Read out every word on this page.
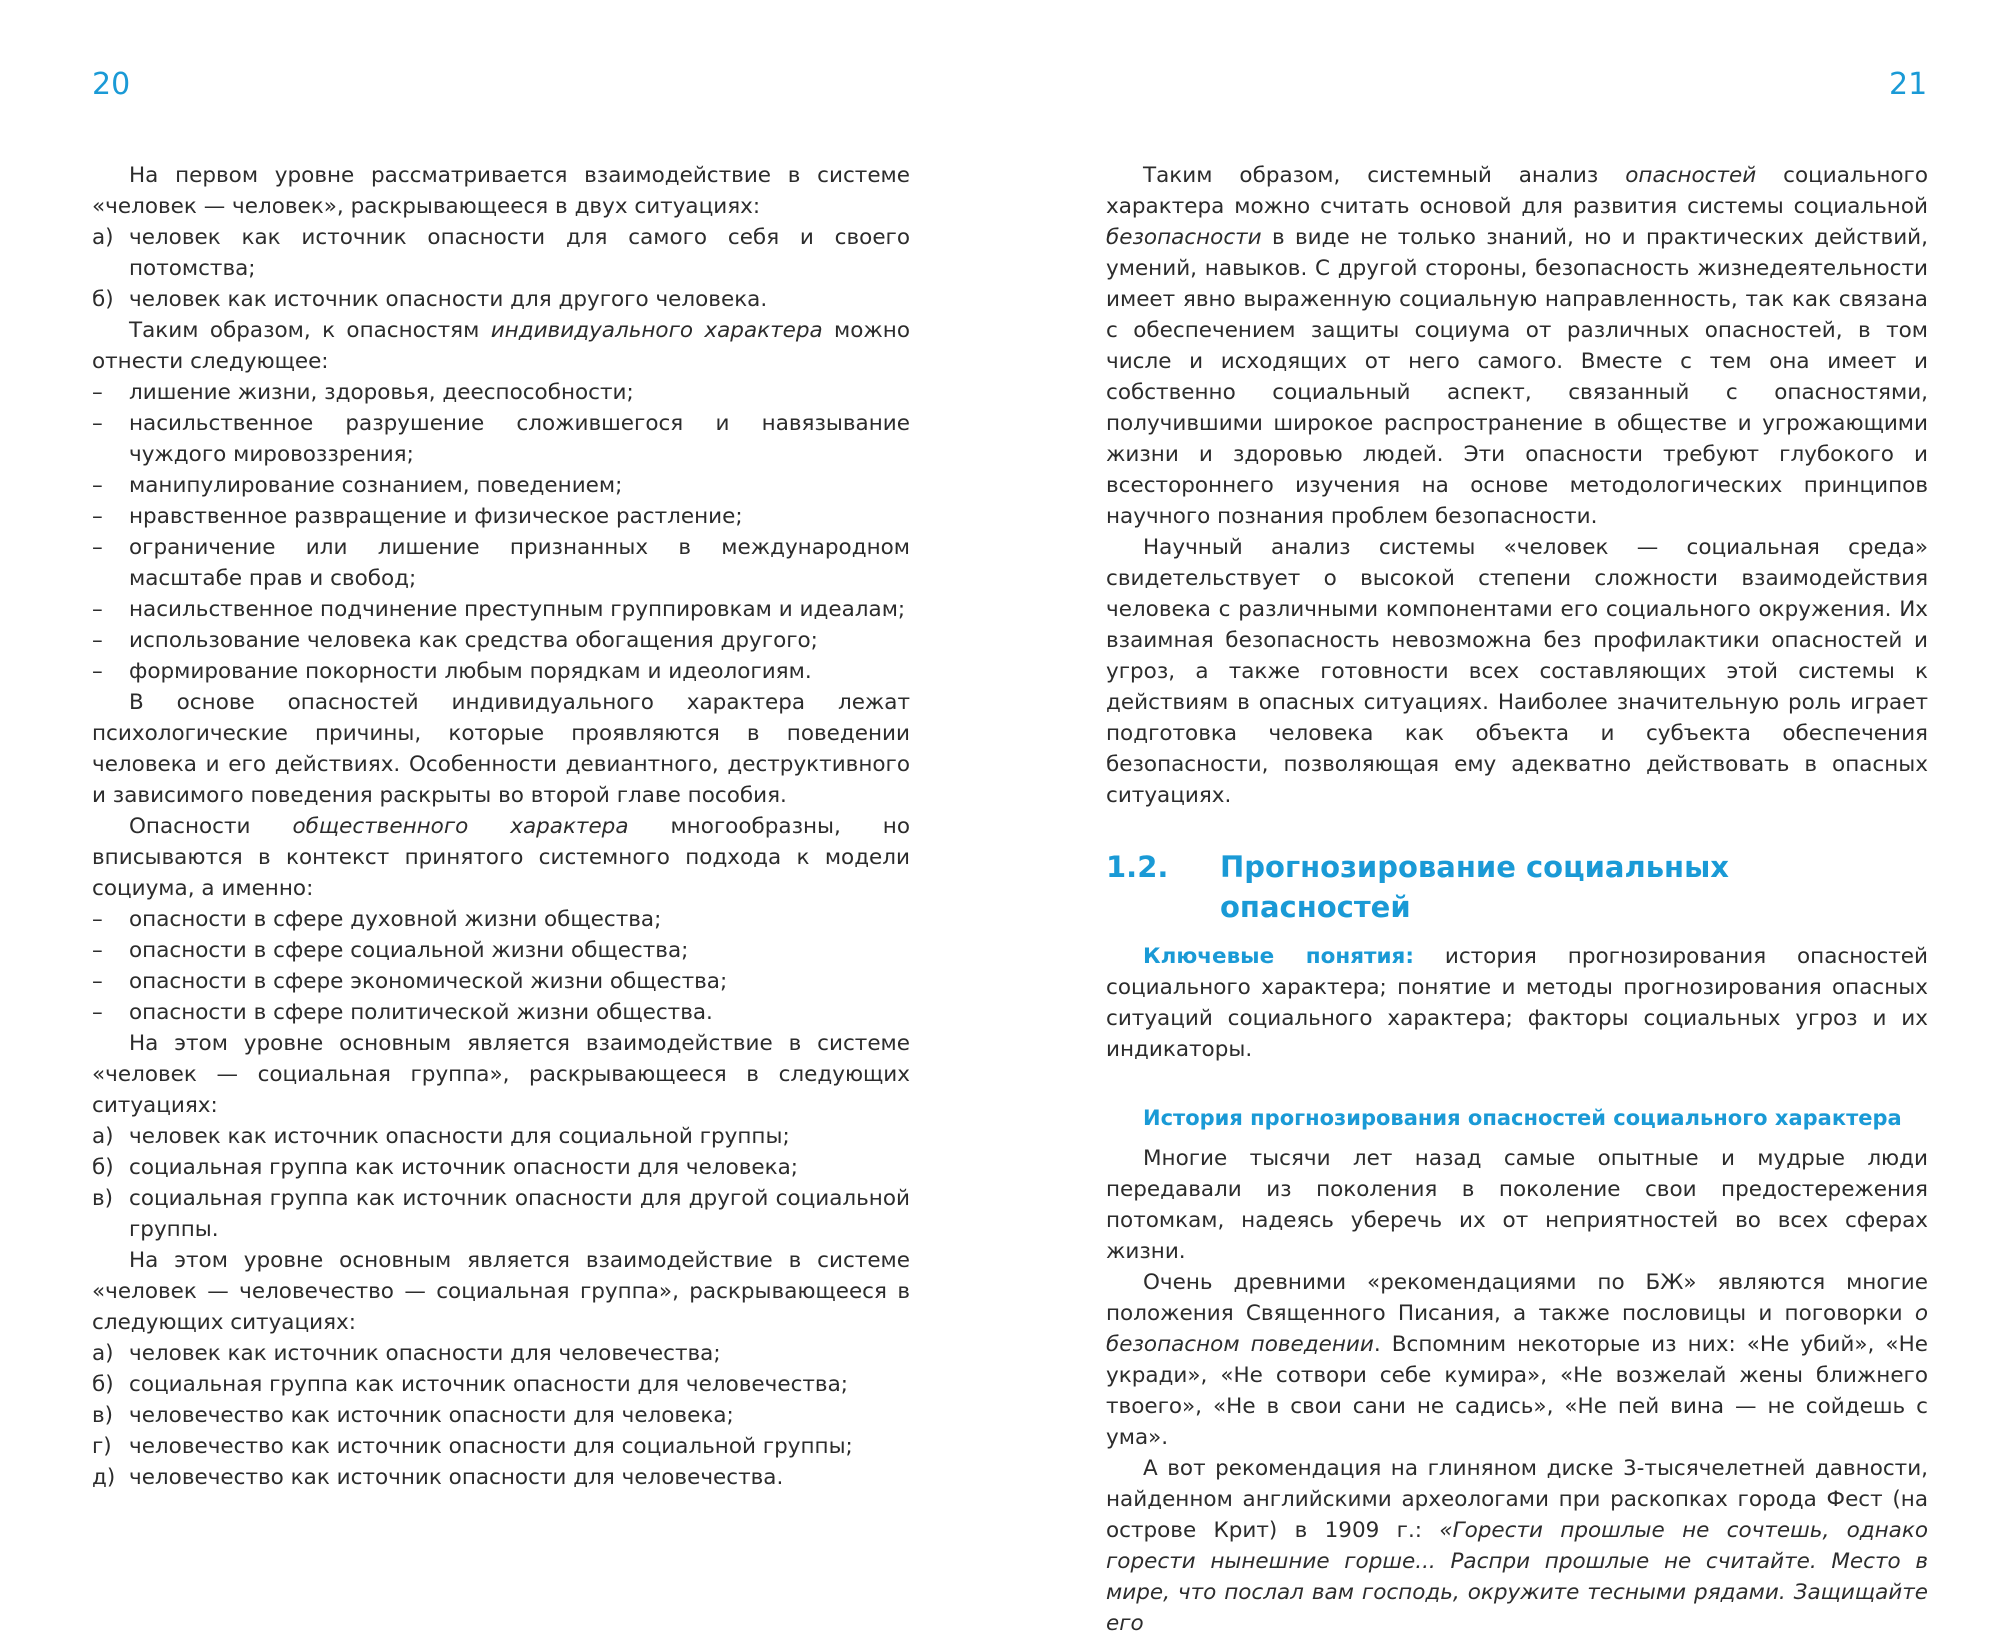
20	21

На первом уровне рассматривается взаимодействие в системе «человек — человек», раскрывающееся в двух ситуациях:

а) человек как источник опасности для самого себя и своего потомства;
б) человек как источник опасности для другого человека.

Таким образом, к опасностям индивидуального характера можно отнести следующее:

–	лишение жизни, здоровья, дееспособности;
–	насильственное разрушение сложившегося и навязывание чуждого мировоззрения;
–	манипулирование сознанием, поведением;
–	нравственное развращение и физическое растление;
–	ограничение или лишение признанных в международном масштабе прав и свобод;
–	насильственное подчинение преступным группировкам и идеалам;
–	использование человека как средства обогащения другого;
–	формирование покорности любым порядкам и идеологиям.

В основе опасностей индивидуального характера лежат психологические причины, которые проявляются в поведении человека и его действиях. Особенности девиантного, деструктивного и зависимого поведения раскрыты во второй главе пособия.

Опасности общественного характера многообразны, но вписываются в контекст принятого системного подхода к модели социума, а именно:

–	опасности в сфере духовной жизни общества;
–	опасности в сфере социальной жизни общества;
–	опасности в сфере экономической жизни общества;
–	опасности в сфере политической жизни общества.

На этом уровне основным является взаимодействие в системе «человек — социальная группа», раскрывающееся в следующих ситуациях:

а) человек как источник опасности для социальной группы;
б) социальная группа как источник опасности для человека;
в) социальная группа как источник опасности для другой социальной группы.

На этом уровне основным является взаимодействие в системе «человек — человечество — социальная группа», раскрывающееся в следующих ситуациях:

а) человек как источник опасности для человечества;
б) социальная группа как источник опасности для человечества;
в) человечество как источник опасности для человека;
г) человечество как источник опасности для социальной группы;
д) человечество как источник опасности для человечества.

Таким образом, системный анализ опасностей социального характера можно считать основой для развития системы социальной безопасности в виде не только знаний, но и практических действий, умений, навыков. С другой стороны, безопасность жизнедеятельности имеет явно выраженную социальную направленность, так как связана с обеспечением защиты социума от различных опасностей, в том числе и исходящих от него самого. Вместе с тем она имеет и собственно социальный аспект, связанный с опасностями, получившими широкое распространение в обществе и угрожающими жизни и здоровью людей. Эти опасности требуют глубокого и всестороннего изучения на основе методологических принципов научного познания проблем безопасности.

Научный анализ системы «человек — социальная среда» свидетельствует о высокой степени сложности взаимодействия человека с различными компонентами его социального окружения. Их взаимная безопасность невозможна без профилактики опасностей и угроз, а также готовности всех составляющих этой системы к действиям в опасных ситуациях. Наиболее значительную роль играет подготовка человека как объекта и субъекта обеспечения безопасности, позволяющая ему адекватно действовать в опасных ситуациях.

1.2.	Прогнозирование социальных опасностей

Ключевые понятия: история прогнозирования опасностей социального характера; понятие и методы прогнозирования опасных ситуаций социального характера; факторы социальных угроз и их индикаторы.

История прогнозирования опасностей социального характера

Многие тысячи лет назад самые опытные и мудрые люди передавали из поколения в поколение свои предостережения потомкам, надеясь уберечь их от неприятностей во всех сферах жизни.

Очень древними «рекомендациями по БЖ» являются многие положения Священного Писания, а также пословицы и поговорки о безопасном поведении. Вспомним некоторые из них: «Не убий», «Не укради», «Не сотвори себе кумира», «Не возжелай жены ближнего твоего», «Не в свои сани не садись», «Не пей вина — не сойдешь с ума».

А вот рекомендация на глиняном диске 3-тысячелетней давности, найденном английскими археологами при раскопках города Фест (на острове Крит) в 1909 г.: «Горести прошлые не сочтешь, однако горести нынешние горше... Распри прошлые не считайте. Место в мире, что послал вам господь, окружите тесными рядами. Защищайте его
